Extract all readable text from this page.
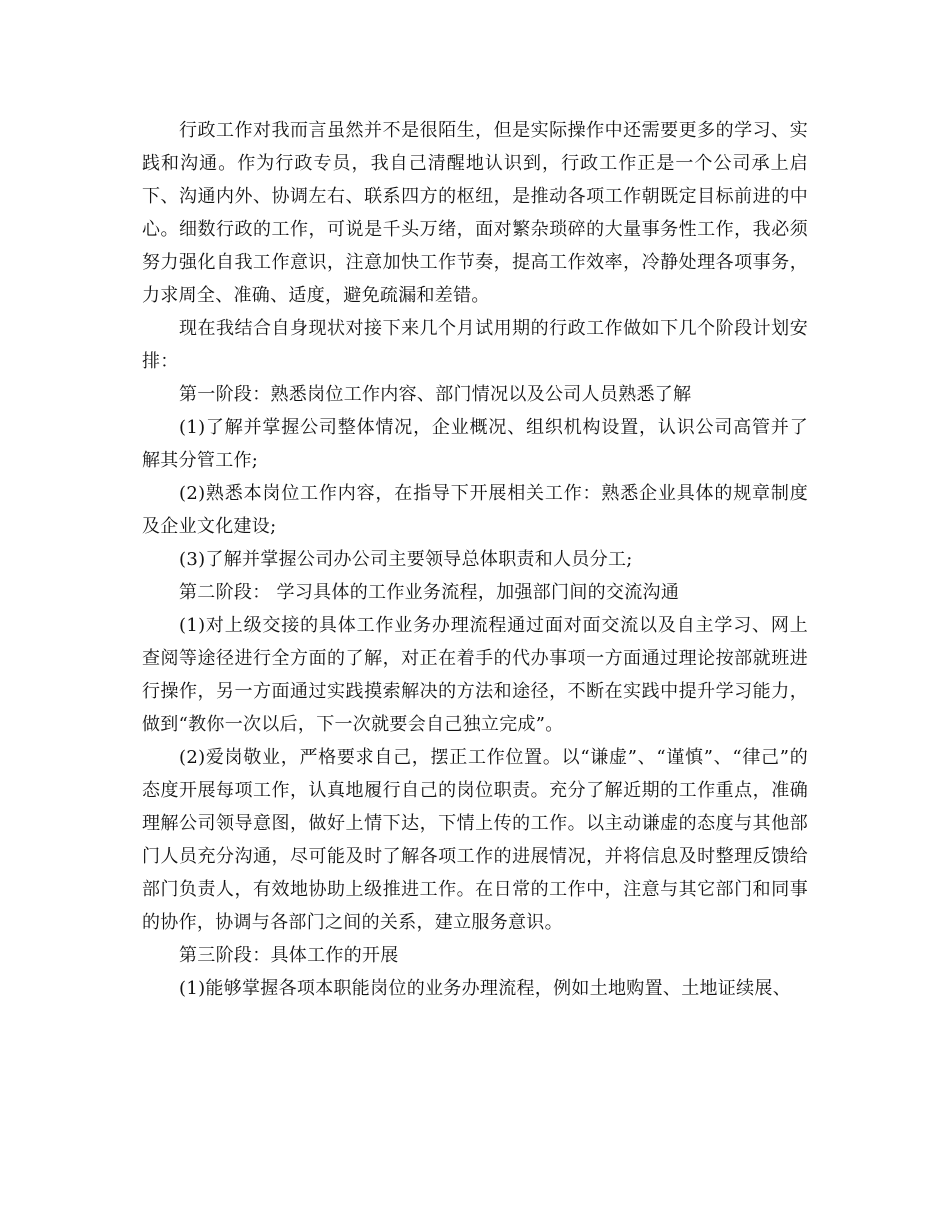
行政工作对我而言虽然并不是很陌生，但是实际操作中还需要更多的学习、实践和沟通。作为行政专员，我自己清醒地认识到，行政工作正是一个公司承上启下、沟通内外、协调左右、联系四方的枢纽，是推动各项工作朝既定目标前进的中心。细数行政的工作，可说是千头万绪，面对繁杂琐碎的大量事务性工作，我必须努力强化自我工作意识，注意加快工作节奏，提高工作效率，冷静处理各项事务，力求周全、准确、适度，避免疏漏和差错。

现在我结合自身现状对接下来几个月试用期的行政工作做如下几个阶段计划安排：

第一阶段：熟悉岗位工作内容、部门情况以及公司人员熟悉了解

(1)了解并掌握公司整体情况，企业概况、组织机构设置，认识公司高管并了解其分管工作;

(2)熟悉本岗位工作内容，在指导下开展相关工作：熟悉企业具体的规章制度及企业文化建设;

(3)了解并掌握公司办公司主要领导总体职责和人员分工;

第二阶段： 学习具体的工作业务流程，加强部门间的交流沟通

(1)对上级交接的具体工作业务办理流程通过面对面交流以及自主学习、网上查阅等途径进行全方面的了解，对正在着手的代办事项一方面通过理论按部就班进行操作，另一方面通过实践摸索解决的方法和途径，不断在实践中提升学习能力，做到“教你一次以后，下一次就要会自己独立完成”。

(2)爱岗敬业，严格要求自己，摆正工作位置。以“谦虚”、“谨慎”、“律己”的态度开展每项工作，认真地履行自己的岗位职责。充分了解近期的工作重点，准确理解公司领导意图，做好上情下达，下情上传的工作。以主动谦虚的态度与其他部门人员充分沟通，尽可能及时了解各项工作的进展情况，并将信息及时整理反馈给部门负责人，有效地协助上级推进工作。在日常的工作中，注意与其它部门和同事的协作，协调与各部门之间的关系，建立服务意识。

第三阶段：具体工作的开展

(1)能够掌握各项本职能岗位的业务办理流程，例如土地购置、土地证续展、
